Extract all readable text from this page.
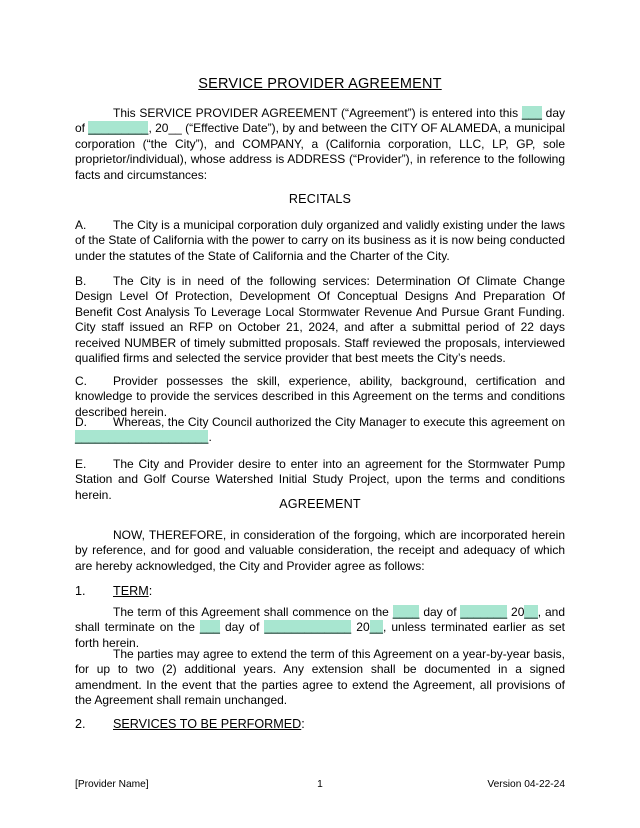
SERVICE PROVIDER AGREEMENT
This SERVICE PROVIDER AGREEMENT (“Agreement”) is entered into this ___ day of _________, 20__ (“Effective Date”), by and between the CITY OF ALAMEDA, a municipal corporation (“the City”), and COMPANY, a (California corporation, LLC, LP, GP, sole proprietor/individual), whose address is ADDRESS (“Provider”), in reference to the following facts and circumstances:
RECITALS
A. The City is a municipal corporation duly organized and validly existing under the laws of the State of California with the power to carry on its business as it is now being conducted under the statutes of the State of California and the Charter of the City.
B. The City is in need of the following services: Determination Of Climate Change Design Level Of Protection, Development Of Conceptual Designs And Preparation Of Benefit Cost Analysis To Leverage Local Stormwater Revenue And Pursue Grant Funding. City staff issued an RFP on October 21, 2024, and after a submittal period of 22 days received NUMBER of timely submitted proposals. Staff reviewed the proposals, interviewed qualified firms and selected the service provider that best meets the City’s needs.
C. Provider possesses the skill, experience, ability, background, certification and knowledge to provide the services described in this Agreement on the terms and conditions described herein.
D. Whereas, the City Council authorized the City Manager to execute this agreement on ____________________.
E. The City and Provider desire to enter into an agreement for the Stormwater Pump Station and Golf Course Watershed Initial Study Project, upon the terms and conditions herein.
AGREEMENT
NOW, THEREFORE, in consideration of the forgoing, which are incorporated herein by reference, and for good and valuable consideration, the receipt and adequacy of which are hereby acknowledged, the City and Provider agree as follows:
1. TERM:
The term of this Agreement shall commence on the ____ day of _______ 20__, and shall terminate on the ___ day of _____________ 20__, unless terminated earlier as set forth herein.
The parties may agree to extend the term of this Agreement on a year-by-year basis, for up to two (2) additional years. Any extension shall be documented in a signed amendment. In the event that the parties agree to extend the Agreement, all provisions of the Agreement shall remain unchanged.
2. SERVICES TO BE PERFORMED:
[Provider Name]	1	Version 04-22-24
